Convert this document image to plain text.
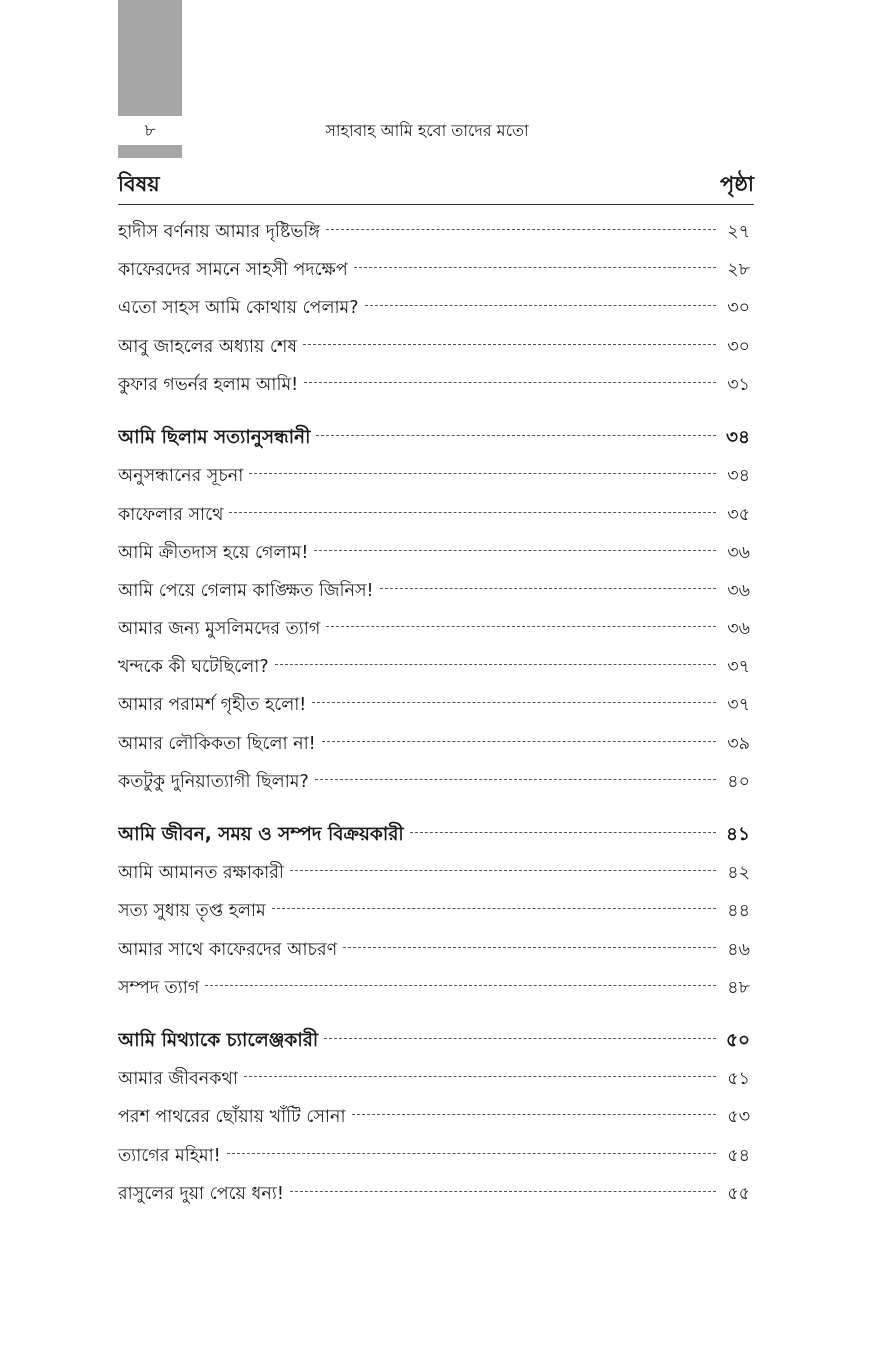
৮	সাহাবাহ আমি হবো তাদের মতো
বিষয়	পৃষ্ঠা
হাদীস বর্ণনায় আমার দৃষ্টিভঙ্গি	২৭
কাফেরদের সামনে সাহসী পদক্ষেপ	২৮
এতো সাহস আমি কোথায় পেলাম?	৩০
আবু জাহলের অধ্যায় শেষ	৩০
কুফার গভর্নর হলাম আমি!	৩১
আমি ছিলাম সত্যানুসন্ধানী	৩৪
অনুসন্ধানের সূচনা	৩৪
কাফেলার সাথে	৩৫
আমি ক্রীতদাস হয়ে গেলাম!	৩৬
আমি পেয়ে গেলাম কাঙ্ক্ষিত জিনিস!	৩৬
আমার জন্য মুসলিমদের ত্যাগ	৩৬
খন্দকে কী ঘটেছিলো?	৩৭
আমার পরামর্শ গৃহীত হলো!	৩৭
আমার লৌকিকতা ছিলো না!	৩৯
কতটুকু দুনিয়াত্যাগী ছিলাম?	৪০
আমি জীবন, সময় ও সম্পদ বিক্রয়কারী	৪১
আমি আমানত রক্ষাকারী	৪২
সত্য সুধায় তৃপ্ত হলাম	৪৪
আমার সাথে কাফেরদের আচরণ	৪৬
সম্পদ ত্যাগ	৪৮
আমি মিথ্যাকে চ্যালেঞ্জকারী	৫০
আমার জীবনকথা	৫১
পরশ পাথরের ছোঁয়ায় খাঁটি সোনা	৫৩
ত্যাগের মহিমা!	৫৪
রাসুলের দুয়া পেয়ে ধন্য!	৫৫
